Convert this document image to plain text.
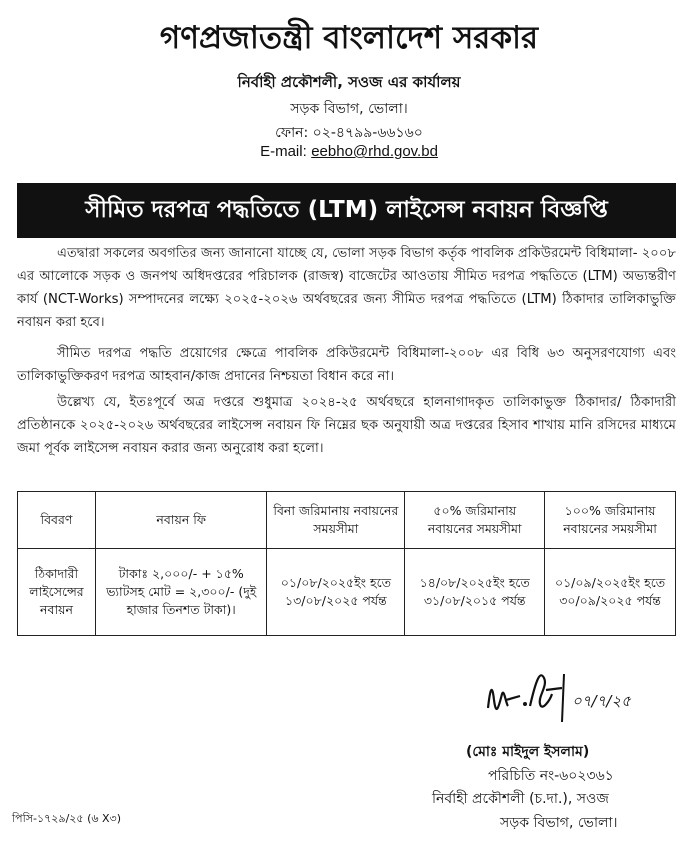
গণপ্রজাতন্ত্রী বাংলাদেশ সরকার
নির্বাহী প্রকৌশলী, সওজ এর কার্যালয়
সড়ক বিভাগ, ভোলা।
ফোন: ০২-৪৭৯৯-৬৬১৬০
E-mail: eebho@rhd.gov.bd
সীমিত দরপত্র পদ্ধতিতে (LTM) লাইসেন্স নবায়ন বিজ্ঞপ্তি
এতদ্বারা সকলের অবগতির জন্য জানানো যাচ্ছে যে, ভোলা সড়ক বিভাগ কর্তৃক পাবলিক প্রকিউরমেন্ট বিধিমালা- ২০০৮ এর আলোকে সড়ক ও জনপথ অধিদপ্তরের পরিচালক (রাজস্ব) বাজেটের আওতায় সীমিত দরপত্র পদ্ধতিতে (LTM) অভ্যন্তরীণ কার্য (NCT-Works) সম্পাদনের লক্ষ্যে ২০২৫-২০২৬ অর্থবছরের জন্য সীমিত দরপত্র পদ্ধতিতে (LTM) ঠিকাদার তালিকাভুক্তি নবায়ন করা হবে।
সীমিত দরপত্র পদ্ধতি প্রয়োগের ক্ষেত্রে পাবলিক প্রকিউরমেন্ট বিধিমালা-২০০৮ এর বিধি ৬৩ অনুসরণযোগ্য এবং তালিকাভুক্তিকরণ দরপত্র আহবান/কাজ প্রদানের নিশ্চয়তা বিধান করে না।
উল্লেখ্য যে, ইতঃপূর্বে অত্র দপ্তরে শুধুমাত্র ২০২৪-২৫ অর্থবছরে হালনাগাদকৃত তালিকাভুক্ত ঠিকাদার/ ঠিকাদারী প্রতিষ্ঠানকে ২০২৫-২০২৬ অর্থবছরের লাইসেন্স নবায়ন ফি নিম্নের ছক অনুযায়ী অত্র দপ্তরের হিসাব শাখায় মানি রসিদের মাধ্যমে জমা পূর্বক লাইসেন্স নবায়ন করার জন্য অনুরোধ করা হলো।
বিবরণ	নবায়ন ফি	বিনা জরিমানায় নবায়নের সময়সীমা	৫০% জরিমানায় নবায়নের সময়সীমা	১০০% জরিমানায় নবায়নের সময়সীমা
ঠিকাদারী লাইসেন্সের নবায়ন	টাকাঃ ২,০০০/- + ১৫% ভ্যাটসহ মোট = ২,৩০০/- (দুই হাজার তিনশত টাকা)।	০১/০৮/২০২৫ইং হতে ১৩/০৮/২০২৫ পর্যন্ত	১৪/০৮/২০২৫ইং হতে ৩১/০৮/২০১৫ পর্যন্ত	০১/০৯/২০২৫ইং হতে ৩০/০৯/২০২৫ পর্যন্ত
০৭/৭/২৫
(মোঃ মাইদুল ইসলাম)
পরিচিতি নং-৬০২৩৬১
নির্বাহী প্রকৌশলী (চ.দা.), সওজ
সড়ক বিভাগ, ভোলা।
পিসি-১৭২৯/২৫ (৬ X৩)
